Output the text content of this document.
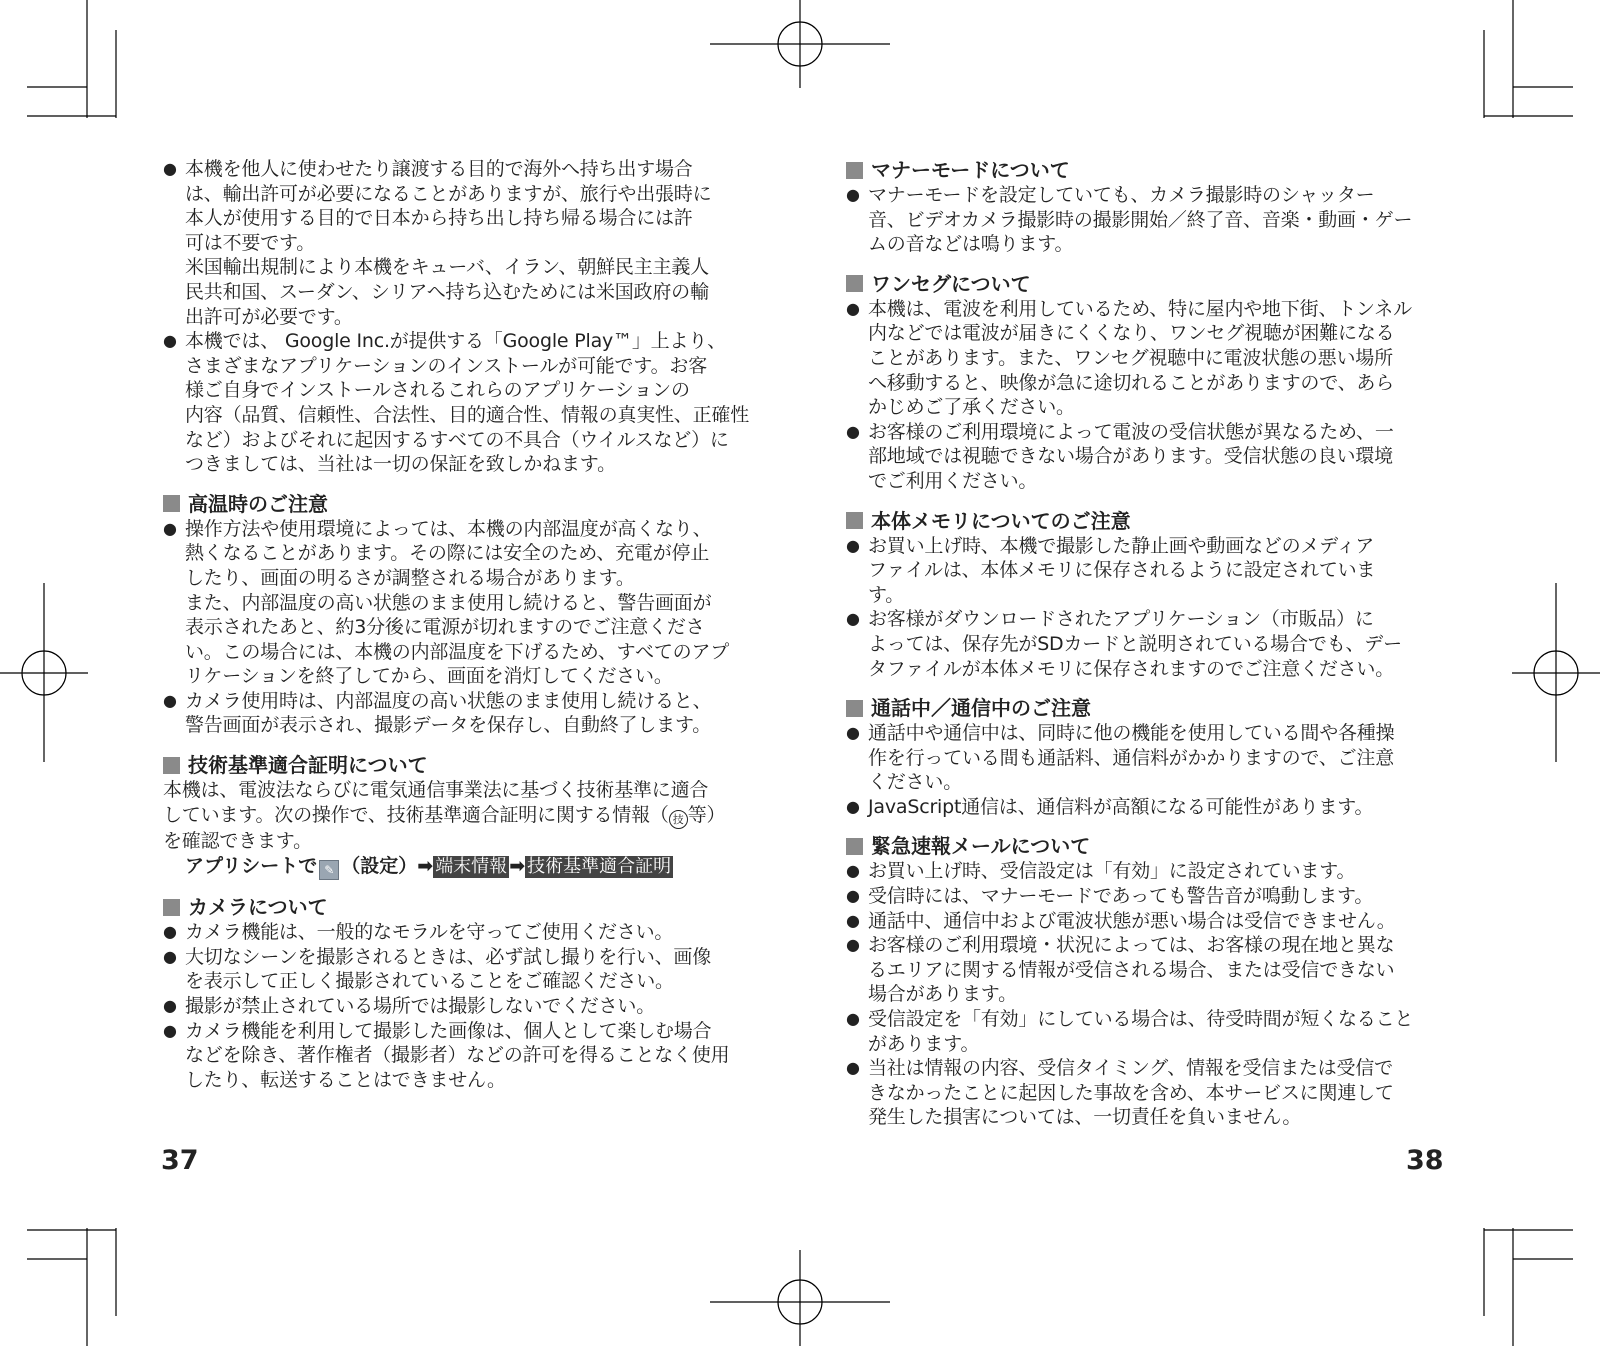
● 本機を他人に使わせたり譲渡する目的で海外へ持ち出す場合
は、輸出許可が必要になることがありますが、旅行や出張時に
本人が使用する目的で日本から持ち出し持ち帰る場合には許
可は不要です。
米国輸出規制により本機をキューバ、イラン、朝鮮民主主義人
民共和国、スーダン、シリアへ持ち込むためには米国政府の輸
出許可が必要です。
● 本機では、 Google Inc.が提供する「Google Play™」上より、
さまざまなアプリケーションのインストールが可能です。お客
様ご自身でインストールされるこれらのアプリケーションの
内容（品質、信頼性、合法性、目的適合性、情報の真実性、正確性
など）およびそれに起因するすべての不具合（ウイルスなど）に
つきましては、当社は一切の保証を致しかねます。
高温時のご注意
● 操作方法や使用環境によっては、本機の内部温度が高くなり、
熱くなることがあります。その際には安全のため、充電が停止
したり、画面の明るさが調整される場合があります。
また、内部温度の高い状態のまま使用し続けると、警告画面が
表示されたあと、約3分後に電源が切れますのでご注意くださ
い。この場合には、本機の内部温度を下げるため、すべてのアプ
リケーションを終了してから、画面を消灯してください。
● カメラ使用時は、内部温度の高い状態のまま使用し続けると、
警告画面が表示され、撮影データを保存し、自動終了します。
技術基準適合証明について
本機は、電波法ならびに電気通信事業法に基づく技術基準に適合
しています。次の操作で、技術基準適合証明に関する情報（ 技 等）
を確認できます。
アプリシートで ✎ （設定）➡ 端末情報 ➡ 技術基準適合証明
カメラについて
● カメラ機能は、一般的なモラルを守ってご使用ください。
● 大切なシーンを撮影されるときは、必ず試し撮りを行い、画像
を表示して正しく撮影されていることをご確認ください。
● 撮影が禁止されている場所では撮影しないでください。
● カメラ機能を利用して撮影した画像は、個人として楽しむ場合
などを除き、著作権者（撮影者）などの許可を得ることなく使用
したり、転送することはできません。
マナーモードについて
● マナーモードを設定していても、カメラ撮影時のシャッター
音、ビデオカメラ撮影時の撮影開始／終了音、音楽・動画・ゲー
ムの音などは鳴ります。
ワンセグについて
● 本機は、電波を利用しているため、特に屋内や地下街、トンネル
内などでは電波が届きにくくなり、ワンセグ視聴が困難になる
ことがあります。また、ワンセグ視聴中に電波状態の悪い場所
へ移動すると、映像が急に途切れることがありますので、あら
かじめご了承ください。
● お客様のご利用環境によって電波の受信状態が異なるため、一
部地域では視聴できない場合があります。受信状態の良い環境
でご利用ください。
本体メモリについてのご注意
● お買い上げ時、本機で撮影した静止画や動画などのメディア
ファイルは、本体メモリに保存されるように設定されていま
す。
● お客様がダウンロードされたアプリケーション（市販品）に
よっては、保存先がSDカードと説明されている場合でも、デー
タファイルが本体メモリに保存されますのでご注意ください。
通話中／通信中のご注意
● 通話中や通信中は、同時に他の機能を使用している間や各種操
作を行っている間も通話料、通信料がかかりますので、ご注意
ください。
● JavaScript通信は、通信料が高額になる可能性があります。
緊急速報メールについて
● お買い上げ時、受信設定は「有効」に設定されています。
● 受信時には、マナーモードであっても警告音が鳴動します。
● 通話中、通信中および電波状態が悪い場合は受信できません。
● お客様のご利用環境・状況によっては、お客様の現在地と異な
るエリアに関する情報が受信される場合、または受信できない
場合があります。
● 受信設定を「有効」にしている場合は、待受時間が短くなること
があります。
● 当社は情報の内容、受信タイミング、情報を受信または受信で
きなかったことに起因した事故を含め、本サービスに関連して
発生した損害については、一切責任を負いません。
37	38
